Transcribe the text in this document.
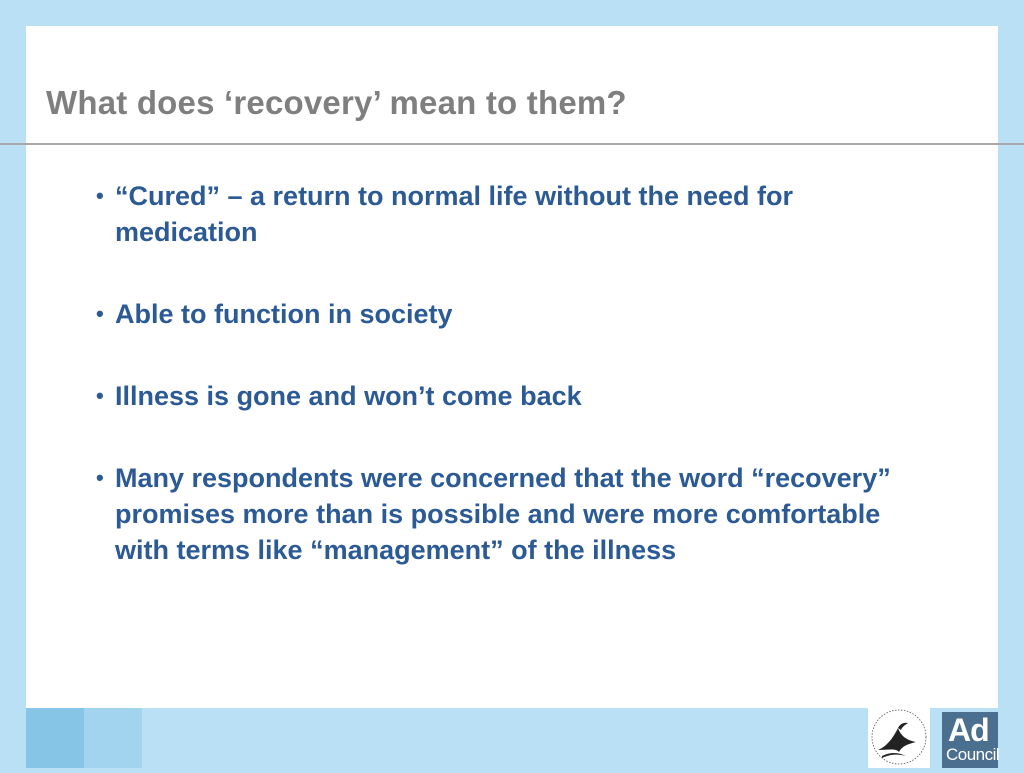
What does ‘recovery’ mean to them?
• “Cured” – a return to normal life without the need for medication
• Able to function in society
• Illness is gone and won’t come back
• Many respondents were concerned that the word “recovery” promises more than is possible and were more comfortable with terms like “management” of the illness
Ad
Council
